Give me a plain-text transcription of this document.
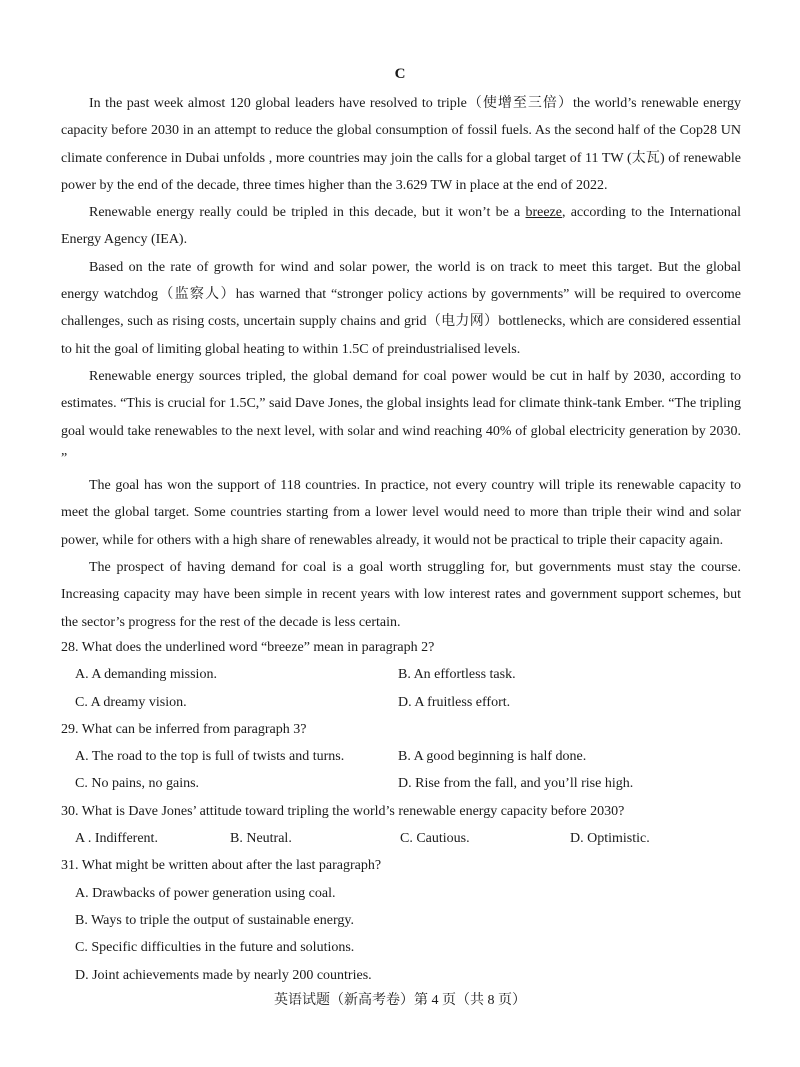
C

In the past week almost 120 global leaders have resolved to triple（使增至三倍）the world’s renewable energy capacity before 2030 in an attempt to reduce the global consumption of fossil fuels. As the second half of the Cop28 UN climate conference in Dubai unfolds , more countries may join the calls for a global target of 11 TW (太瓦) of renewable power by the end of the decade, three times higher than the 3.629 TW in place at the end of 2022.

Renewable energy really could be tripled in this decade, but it won’t be a breeze, according to the International Energy Agency (IEA).

Based on the rate of growth for wind and solar power, the world is on track to meet this target. But the global energy watchdog（监察人）has warned that “stronger policy actions by governments” will be required to overcome challenges, such as rising costs, uncertain supply chains and grid（电力网）bottlenecks, which are considered essential to hit the goal of limiting global heating to within 1.5C of preindustrialised levels.

Renewable energy sources tripled, the global demand for coal power would be cut in half by 2030, according to estimates. “This is crucial for 1.5C,” said Dave Jones, the global insights lead for climate think-tank Ember. “The tripling goal would take renewables to the next level, with solar and wind reaching 40% of global electricity generation by 2030. ”

The goal has won the support of 118 countries. In practice, not every country will triple its renewable capacity to meet the global target. Some countries starting from a lower level would need to more than triple their wind and solar power, while for others with a high share of renewables already, it would not be practical to triple their capacity again.

The prospect of having demand for coal is a goal worth struggling for, but governments must stay the course. Increasing capacity may have been simple in recent years with low interest rates and government support schemes, but the sector’s progress for the rest of the decade is less certain.

28. What does the underlined word “breeze” mean in paragraph 2?

A. A demanding mission.	B. An effortless task.
C. A dreamy vision.	D. A fruitless effort.

29. What can be inferred from paragraph 3?

A. The road to the top is full of twists and turns.	B. A good beginning is half done.
C. No pains, no gains.	D. Rise from the fall, and you’ll rise high.

30. What is Dave Jones’ attitude toward tripling the world’s renewable energy capacity before 2030?

A . Indifferent.	B. Neutral.	C. Cautious.	D. Optimistic.

31. What might be written about after the last paragraph?

A. Drawbacks of power generation using coal.
B. Ways to triple the output of sustainable energy.
C. Specific difficulties in the future and solutions.
D. Joint achievements made by nearly 200 countries.
英语试题（新高考卷）第 4 页（共 8 页）
